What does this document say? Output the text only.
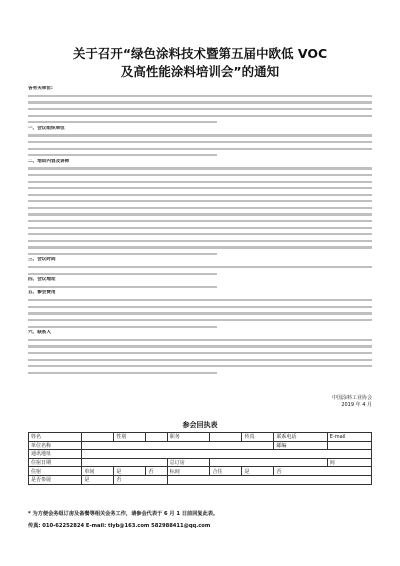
关于召开“绿色涂料技术暨第五届中欧低 VOC
及高性能涂料培训会”的通知
各有关单位:
一、会议组织单位
二、培训内容及讲师
三、会议时间
四、会议地址
五、参会费用
六、联系人
中国涂料工业协会
2019 年 4 月
参会回执表
姓名		性别		职务		传真	联系电话	E-mail
单位名称							邮编	
通讯地址								
住宿日期				总订房				间
住宿	单间	是	否	标间	合住	是	否	
是否参展	是	否						
* 为方便会务组订房及备餐等相关会务工作，请参会代表于 6 月 1 日前回复此表。
传真: 010-62252824 E-mail: tlyb@163.com 582988411@qq.com
